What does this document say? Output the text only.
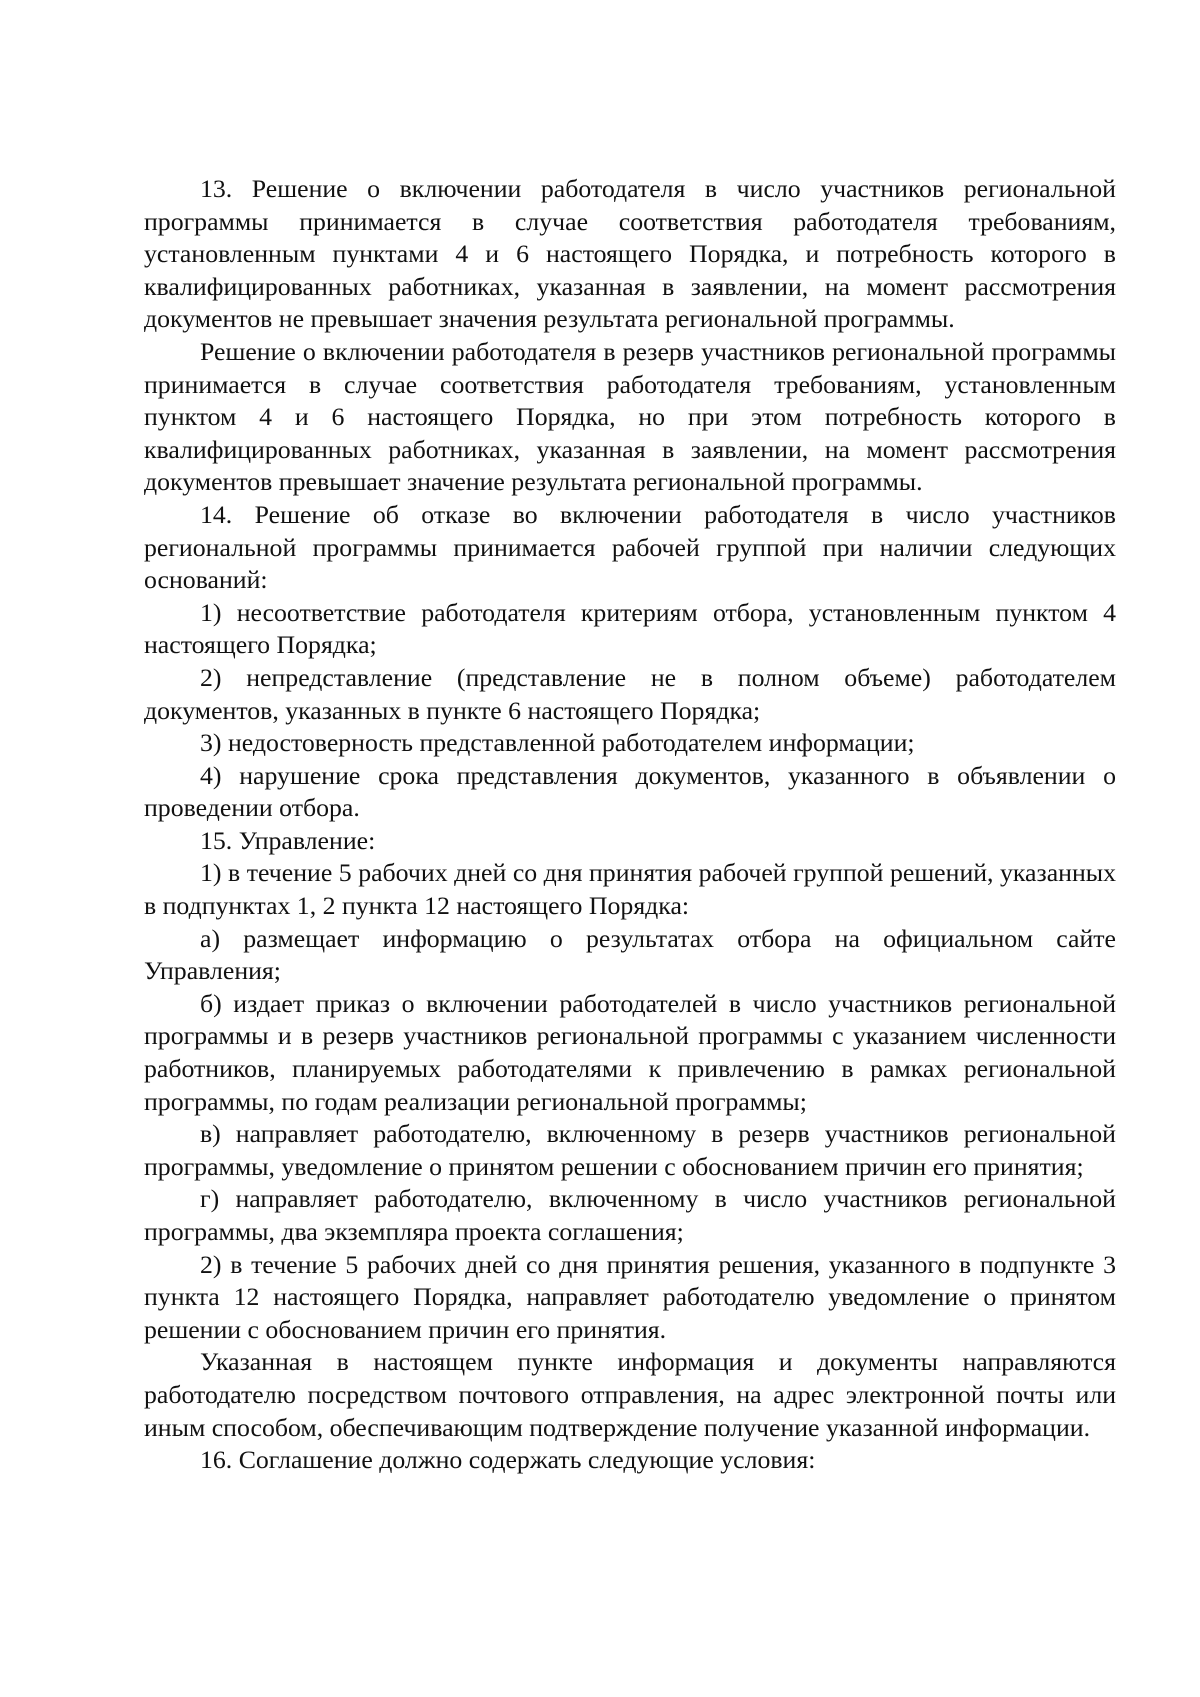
13. Решение о включении работодателя в число участников региональной программы принимается в случае соответствия работодателя требованиям, установленным пунктами 4 и 6 настоящего Порядка, и потребность которого в квалифицированных работниках, указанная в заявлении, на момент рассмотрения документов не превышает значения результата региональной программы.

Решение о включении работодателя в резерв участников региональной программы принимается в случае соответствия работодателя требованиям, установленным пунктом 4 и 6 настоящего Порядка, но при этом потребность которого в квалифицированных работниках, указанная в заявлении, на момент рассмотрения документов превышает значение результата региональной программы.

14. Решение об отказе во включении работодателя в число участников региональной программы принимается рабочей группой при наличии следующих оснований:

1) несоответствие работодателя критериям отбора, установленным пунктом 4 настоящего Порядка;

2) непредставление (представление не в полном объеме) работодателем документов, указанных в пункте 6 настоящего Порядка;

3) недостоверность представленной работодателем информации;

4) нарушение срока представления документов, указанного в объявлении о проведении отбора.

15. Управление:

1) в течение 5 рабочих дней со дня принятия рабочей группой решений, указанных в подпунктах 1, 2 пункта 12 настоящего Порядка:

а) размещает информацию о результатах отбора на официальном сайте Управления;

б) издает приказ о включении работодателей в число участников региональной программы и в резерв участников региональной программы с указанием численности работников, планируемых работодателями к привлечению в рамках региональной программы, по годам реализации региональной программы;

в) направляет работодателю, включенному в резерв участников региональной программы, уведомление о принятом решении с обоснованием причин его принятия;

г) направляет работодателю, включенному в число участников региональной программы, два экземпляра проекта соглашения;

2) в течение 5 рабочих дней со дня принятия решения, указанного в подпункте 3 пункта 12 настоящего Порядка, направляет работодателю уведомление о принятом решении с обоснованием причин его принятия.

Указанная в настоящем пункте информация и документы направляются работодателю посредством почтового отправления, на адрес электронной почты или иным способом, обеспечивающим подтверждение получение указанной информации.

16. Соглашение должно содержать следующие условия:
